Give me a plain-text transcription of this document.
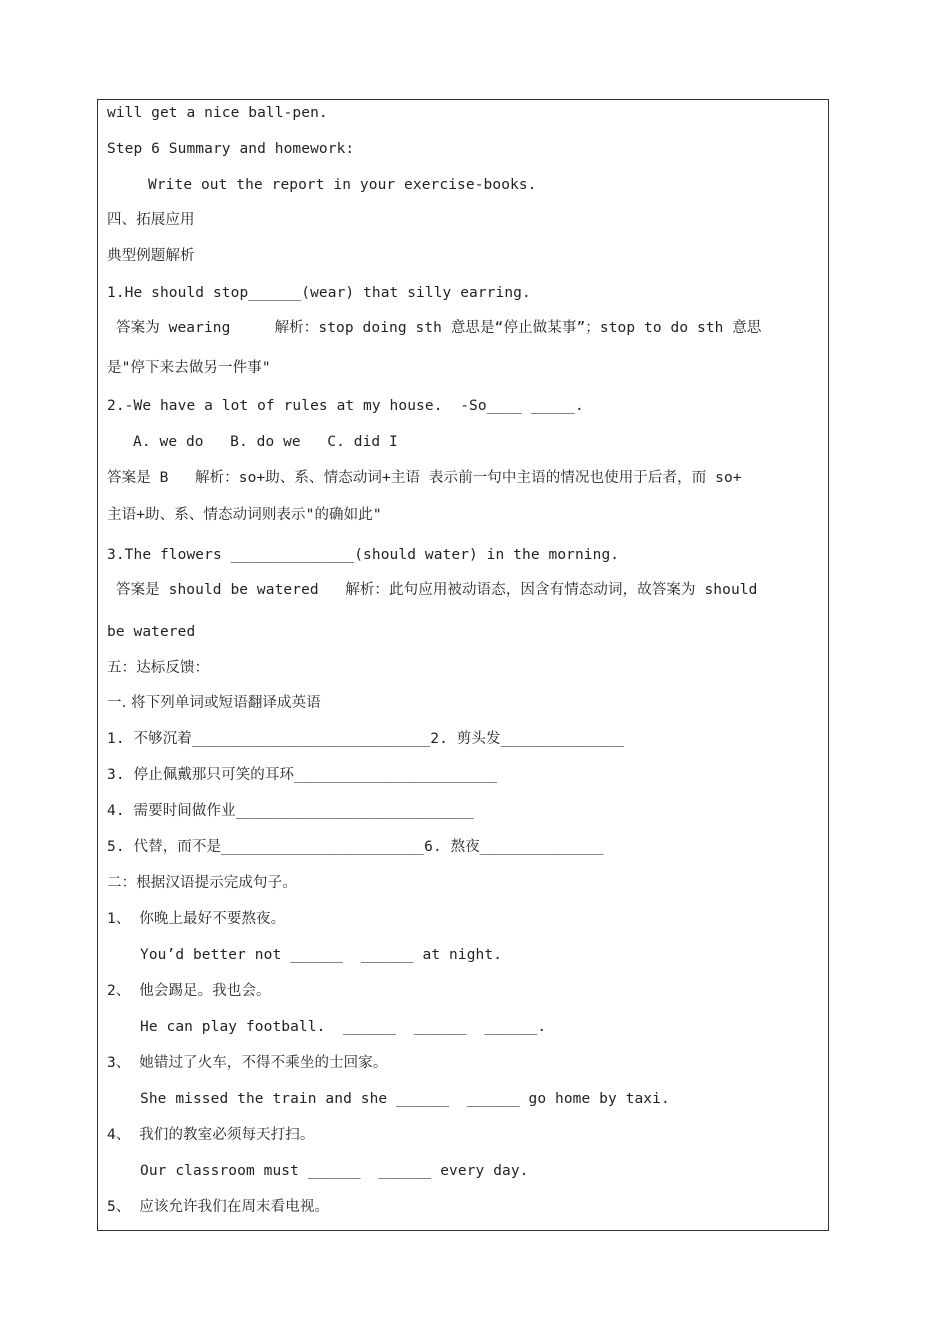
will get a nice ball-pen.
Step 6 Summary and homework:
Write out the report in your exercise-books.
四、拓展应用
典型例题解析
1.He should stop______(wear) that silly earring.
答案为 wearing     解析：stop doing sth 意思是“停止做某事”；stop to do sth 意思
是"停下来去做另一件事"
2.-We have a lot of rules at my house.  -So____ _____.
A. we do   B. do we   C. did I
答案是 B   解析：so+助、系、情态动词+主语 表示前一句中主语的情况也使用于后者，而 so+
主语+助、系、情态动词则表示"的确如此"
3.The flowers ______________(should water) in the morning.
答案是 should be watered   解析：此句应用被动语态，因含有情态动词，故答案为 should
be watered
五：达标反馈：
一. 将下列单词或短语翻译成英语
1. 不够沉着___________________________2. 剪头发______________
3. 停止佩戴那只可笑的耳环_______________________
4. 需要时间做作业___________________________
5. 代替，而不是_______________________6. 熬夜______________
二：根据汉语提示完成句子。
1、 你晚上最好不要熬夜。
You’d better not ______  ______ at night.
2、 他会踢足。我也会。
He can play football.  ______  ______  ______.
3、 她错过了火车，不得不乘坐的士回家。
She missed the train and she ______  ______ go home by taxi.
4、 我们的教室必须每天打扫。
Our classroom must ______  ______ every day.
5、 应该允许我们在周末看电视。
